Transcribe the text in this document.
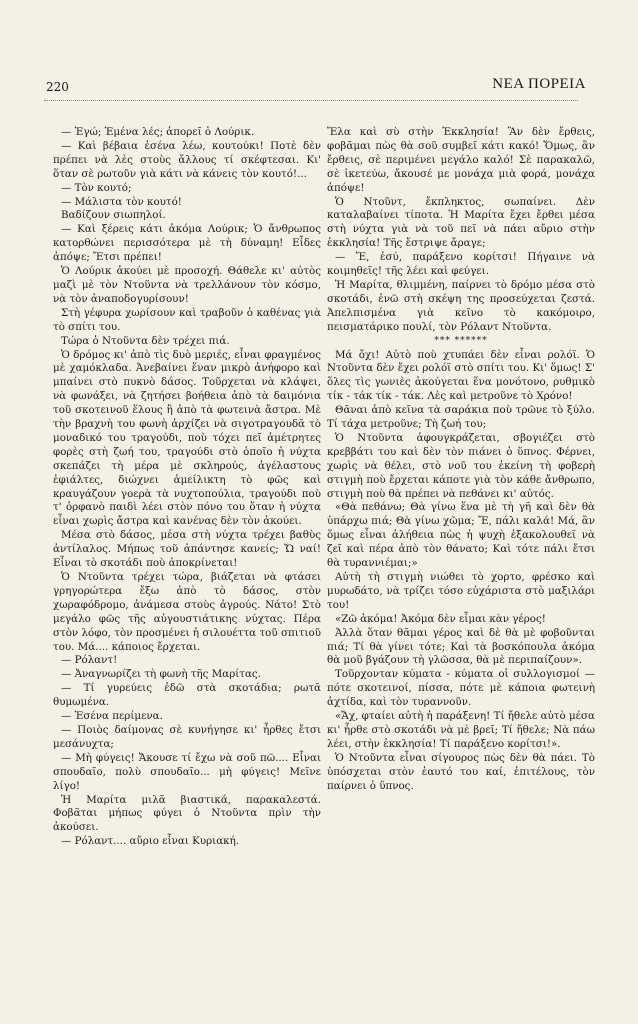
220	ΝΕΑ ΠΟΡΕΙΑ

— Ἐγώ; Ἐμένα λές; ἀπορεῖ ὁ Λούρικ.

— Καὶ βέβαια ἐσένα λέω, κουτούκι! Ποτὲ δὲν πρέπει νὰ λὲς στοὺς ἄλλους τί σκέφτεσαι. Κι' ὅταν σὲ ρωτοῦν γιὰ κάτι νὰ κάνεις τὸν κουτό!...

— Τὸν κουτό;

— Μάλιστα τὸν κουτό!

Βαδίζουν σιωπηλοί.

— Καὶ ξέρεις κάτι ἀκόμα Λούρικ; Ὁ ἄνθρωπος κατορθώνει περισσότερα μὲ τὴ δύναμη! Εἶδες ἀπόψε; Ἔτσι πρέπει!

Ὁ Λούρικ ἀκούει μὲ προσοχή. Θάθελε κι' αὐτὸς μαζὶ μὲ τὸν Ντοῦντα νὰ τρελλάνουν τὸν κόσμο, νὰ τὸν ἀναποδογυρίσουν!

Στὴ γέφυρα χωρίσουν καὶ τραβοῦν ὁ καθένας γιὰ τὸ σπίτι του.

Τώρα ὁ Ντοῦντα δὲν τρέχει πιά.

Ὁ δρόμος κι' ἀπὸ τὶς δυὸ μεριές, εἶναι φραγμένος μὲ χαμόκλαδα. Ἀνεβαίνει ἕναν μικρὸ ἀνήφορο καὶ μπαίνει στὸ πυκνὸ δάσος. Τοῦρχεται νὰ κλάψει, νὰ φωνάξει, νὰ ζητήσει βοήθεια ἀπὸ τὰ δαιμόνια τοῦ σκοτεινοῦ ἕλους ἢ ἀπὸ τὰ φωτεινὰ ἄστρα. Μὲ τὴν βραχνὴ του φωνὴ ἀρχίζει νὰ σιγοτραγουδᾶ τὸ μοναδικό του τραγούδι, ποὺ τόχει πεῖ ἀμέτρητες φορὲς στὴ ζωή του, τραγούδι στὸ ὁποῖο ἡ νύχτα σκεπάζει τὴ μέρα μὲ σκληρούς, ἀγέλαστους ἐφιάλτες, διώχνει ἀμείλικτη τὸ φῶς καὶ κραυγάζουν γοερὰ τὰ νυχτοπούλια, τραγούδι ποὺ τ' ὀρφανὸ παιδὶ λέει στὸν πόνο του ὅταν ἡ νύχτα εἶναι χωρὶς ἄστρα καὶ κανένας δὲν τὸν ἀκούει.

Μέσα στὸ δάσος, μέσα στὴ νύχτα τρέχει βαθὺς ἀντίλαλος. Μήπως τοῦ ἀπάντησε κανείς; Ὤ ναί! Εἶναι τὸ σκοτάδι ποὺ ἀποκρίνεται!

Ὁ Ντοῦντα τρέχει τώρα, βιάζεται νὰ φτάσει γρηγορώτερα ἔξω ἀπὸ τὸ δάσος, στὸν χωραφόδρομο, ἀνάμεσα στοὺς ἀγρούς. Νάτο! Στὸ μεγάλο φῶς τῆς αὐγουστιάτικης νύχτας. Πέρα στὸν λόφο, τὸν προσμένει ἡ σιλουέττα τοῦ σπιτιοῦ του. Μά.... κάποιος ἔρχεται.

— Ρόλαντ!

— Ἀναγνωρίζει τὴ φωνὴ τῆς Μαρίτας.

— Τί γυρεύεις ἐδῶ στὰ σκοτάδια; ρωτᾶ θυμωμένα.

— Ἐσένα περίμενα.

— Ποιὸς δαίμονας σὲ κυνήγησε κι' ἦρθες ἔτσι μεσάνυχτα;

— Μὴ φύγεις! Ἄκουσε τί ἔχω νὰ σοῦ πῶ.... Εἶναι σπουδαῖο, πολὺ σπουδαῖο... μὴ φύγεις! Μεῖνε λίγο!

Ἡ Μαρίτα μιλᾶ βιαστικά, παρακαλεστά. Φοβᾶται μήπως φύγει ὁ Ντοῦντα πρὶν τὴν ἀκούσει.

— Ρόλαντ.... αὔριο εἶναι Κυριακή.

Ἔλα καὶ σὺ στὴν Ἐκκλησία! Ἂν δὲν ἔρθεις, φοβᾶμαι πὼς θὰ σοῦ συμβεῖ κάτι κακό! Ὅμως, ἂν ἔρθεις, σὲ περιμένει μεγάλο καλό! Σὲ παρακαλῶ, σὲ ἱκετεύω, ἄκουσέ με μονάχα μιὰ φορά, μονάχα ἀπόψε!

Ὁ Ντοῦντ, ἔκπληκτος, σωπαίνει. Δὲν καταλαβαίνει τίποτα. Ἡ Μαρίτα ἔχει ἔρθει μέσα στὴ νύχτα γιὰ νὰ τοῦ πεῖ νὰ πάει αὔριο στὴν ἐκκλησία! Τῆς ἔστριψε ἄραγε;

— Ἔ, ἐσύ, παράξενο κορίτσι! Πήγαινε νὰ κοιμηθεῖς! τῆς λέει καὶ φεύγει.

Ἡ Μαρίτα, θλιμμένη, παίρνει τὸ δρόμο μέσα στὸ σκοτάδι, ἐνῶ στὴ σκέψη της προσεύχεται ζεστά. Ἀπελπισμένα γιὰ κεῖνο τὸ κακόμοιρο, πεισματάρικο πουλί, τὸν Ρόλαντ Ντοῦντα.

*** ******

Μά ὄχι! Αὐτὸ ποὺ χτυπάει δὲν εἶναι ρολόϊ. Ὁ Ντοῦντα δὲν ἔχει ρολόϊ στὸ σπίτι του. Κι' ὅμως! Σ' ὅλες τὶς γωνιὲς ἀκούγεται ἕνα μονότονο, ρυθμικὸ τίκ - τάκ τίκ - τάκ. Λὲς καὶ μετροῦνε τὸ Χρόνο!

Θᾶναι ἀπὸ κεῖνα τὰ σαράκια ποὺ τρῶνε τὸ ξύλο. Τί τάχα μετροῦνε; Τὴ ζωή του;

Ὁ Ντοῦντα ἀφουγκράζεται, σβογιέζει στὸ κρεββάτι του καὶ δὲν τὸν πιάνει ὁ ὕπνος. Φέρνει, χωρὶς νὰ θέλει, στὸ νοῦ του ἐκείνη τὴ φοβερὴ στιγμὴ ποὺ ἔρχεται κάποτε γιὰ τὸν κάθε ἄνθρωπο, στιγμὴ ποὺ θὰ πρέπει νὰ πεθάνει κι' αὐτός.

«Θὰ πεθάνω; Θὰ γίνω ἕνα μὲ τὴ γῆ καὶ δὲν θὰ ὑπάρχω πιά; Θὰ γίνω χῶμα; Ἔ, πάλι καλά! Μά, ἂν ὅμως εἶναι ἀλήθεια πὼς ἡ ψυχὴ ἐξακολουθεῖ νὰ ζεῖ καὶ πέρα ἀπὸ τὸν θάνατο; Καὶ τότε πάλι ἔτσι θὰ τυραννιέμαι;»

Αὐτὴ τὴ στιγμὴ νιώθει τὸ χορτο, φρέσκο καὶ μυρωδάτο, νὰ τρίζει τόσο εὐχάριστα στὸ μαξιλάρι του!

«Ζῶ ἀκόμα! Ἀκόμα δὲν εἶμαι κὰν γέρος!

Ἀλλὰ ὅταν θᾶμαι γέρος καὶ δὲ θὰ μὲ φοβοῦνται πιά; Τί θὰ γίνει τότε; Καὶ τὰ βοσκόπουλα ἀκόμα θὰ μοῦ βγάζουν τὴ γλῶσσα, θὰ μὲ περιπαίζουν».

Τοῦρχονταν κύματα - κύματα οἱ συλλογισμοί — πότε σκοτεινοί, πίσσα, πότε μὲ κάποια φωτεινὴ ἀχτίδα, καὶ τὸν τυραννοῦν.

«Ἄχ, φταίει αὐτὴ ἡ παράξενη! Τί ἤθελε αὐτὸ μέσα κι' ἦρθε στὸ σκοτάδι νὰ μὲ βρεῖ; Τί ἤθελε; Νὰ πάω λέει, στὴν ἐκκλησία! Τί παράξενο κορίτσι!».

Ὁ Ντοῦντα εἶναι σίγουρος πὼς δὲν θὰ πάει. Τὸ ὑπόσχεται στὸν ἑαυτό του καί, ἐπιτέλους, τὸν παίρνει ὁ ὕπνος.
